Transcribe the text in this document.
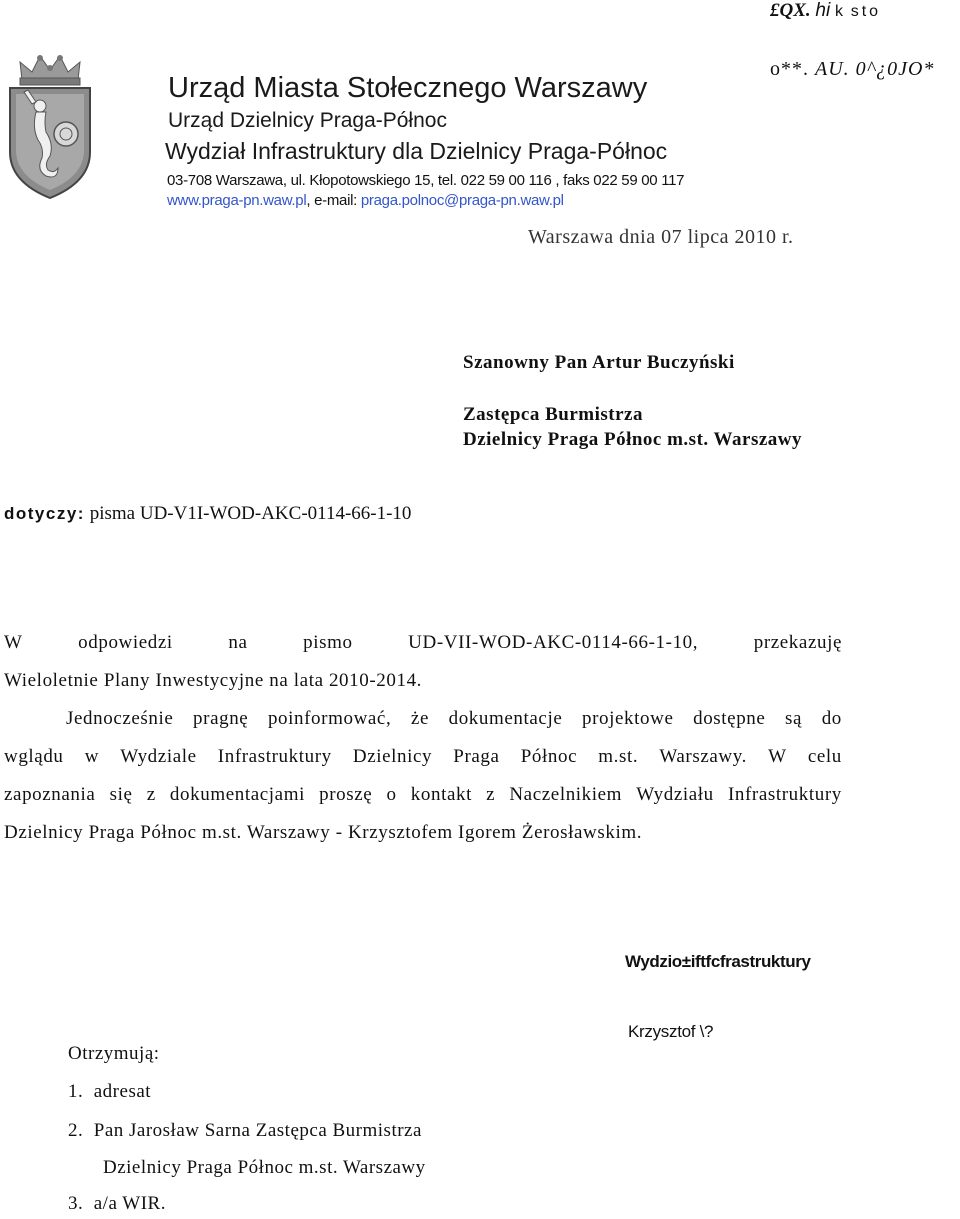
£QX. hi k sto
o**. AU. 0^¿0JO*
Urząd Miasta Stołecznego Warszawy
Urząd Dzielnicy Praga-Północ
Wydział Infrastruktury dla Dzielnicy Praga-Północ
03-708 Warszawa, ul. Kłopotowskiego 15, tel. 022 59 00 116 , faks 022 59 00 117
www.praga-pn.waw.pl, e-mail: praga.polnoc@praga-pn.waw.pl
Warszawa dnia 07 lipca 2010 r.
Szanowny Pan Artur Buczyński
Zastępca Burmistrza
Dzielnicy Praga Północ m.st. Warszawy
dotyczy: pisma UD-V1I-WOD-AKC-0114-66-1-10
W	odpowiedzi	na	pismo	UD-VII-WOD-AKC-0114-66-1-10,	przekazuję
Wieloletnie Plany Inwestycyjne na lata 2010-2014.
Jednocześnie pragnę poinformować, że dokumentacje projektowe dostępne są do
wglądu w Wydziale Infrastruktury Dzielnicy Praga Północ m.st. Warszawy. W celu
zapoznania się z dokumentacjami proszę o kontakt z Naczelnikiem Wydziału Infrastruktury
Dzielnicy Praga Północ m.st. Warszawy - Krzysztofem Igorem Żerosławskim.
Wydzio±iftfcfrastruktury
Krzysztof \?
Otrzymują:
1.  adresat
2.  Pan Jarosław Sarna Zastępca Burmistrza
Dzielnicy Praga Północ m.st. Warszawy
3.  a/a WIR.
